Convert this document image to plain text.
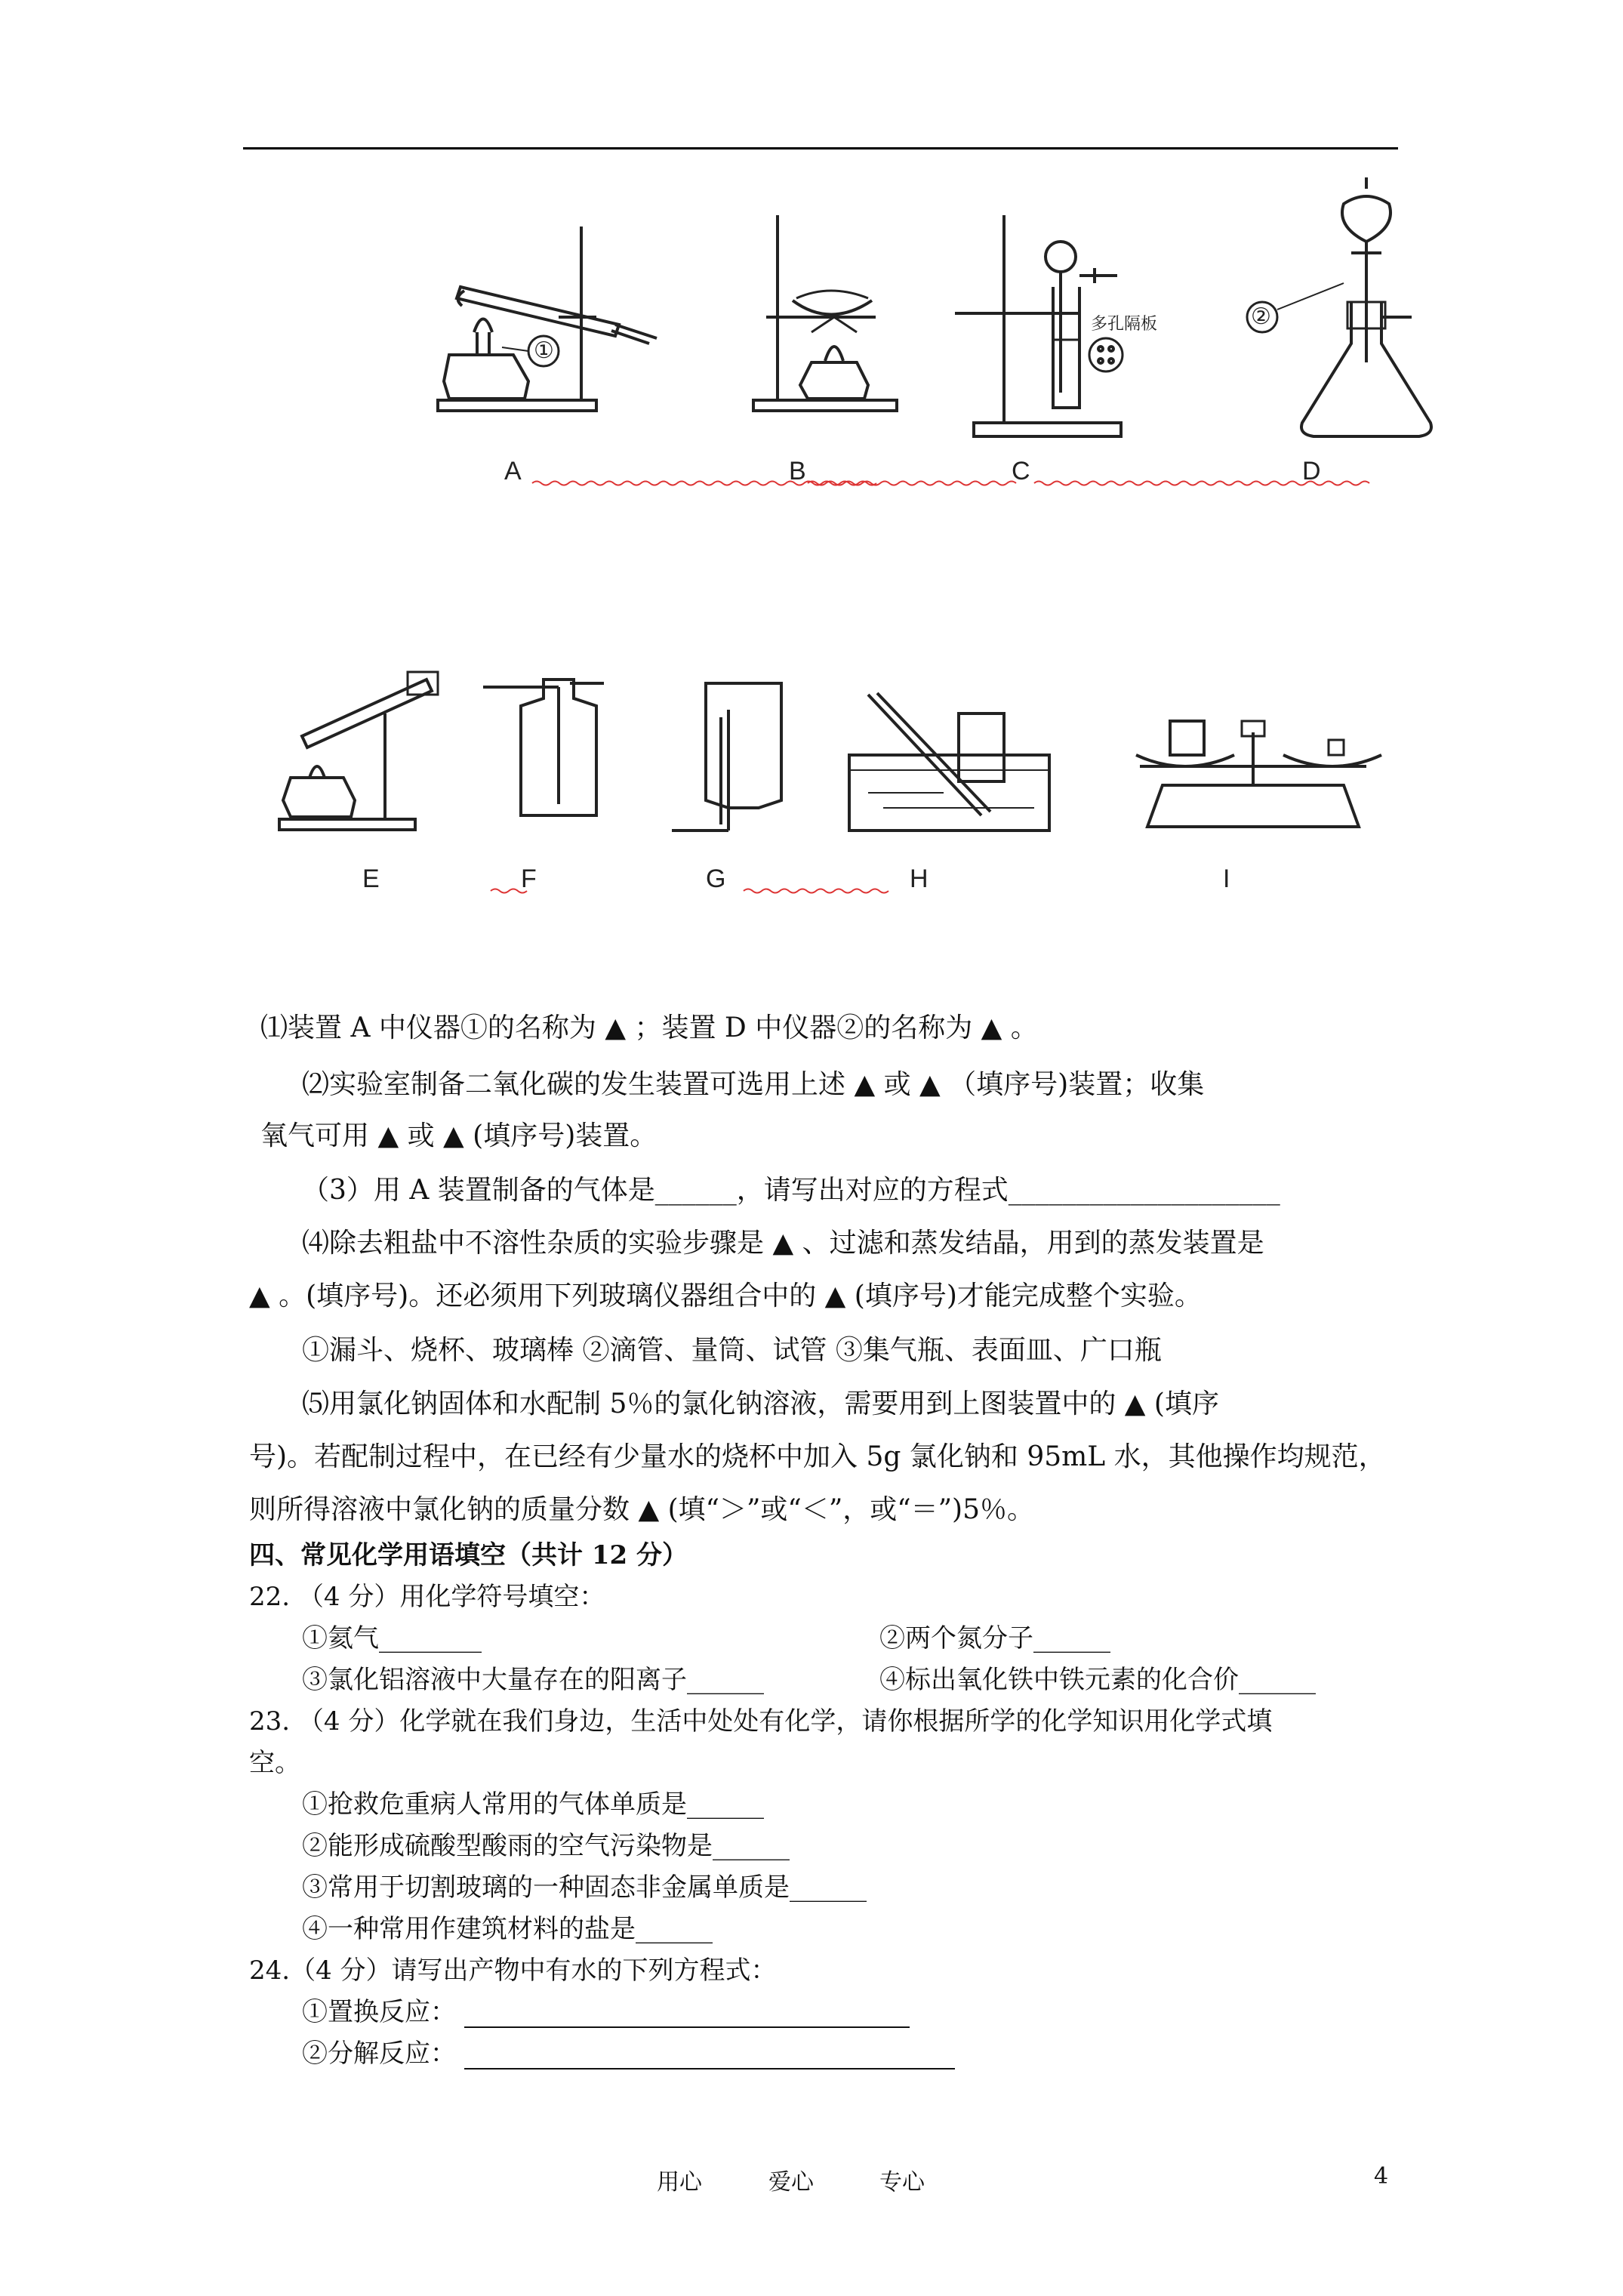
A	B	C	D
E	F	G	H	I
①
②
多孔隔板
⑴装置 A 中仪器①的名称为 ▲ ；装置 D 中仪器②的名称为 ▲ 。
⑵实验室制备二氧化碳的发生装置可选用上述 ▲ 或 ▲ （填序号)装置；收集
氧气可用 ▲ 或 ▲ (填序号)装置。
（3）用 A 装置制备的气体是______，请写出对应的方程式____________________
⑷除去粗盐中不溶性杂质的实验步骤是 ▲ 、过滤和蒸发结晶，用到的蒸发装置是
▲ 。(填序号)。还必须用下列玻璃仪器组合中的 ▲ (填序号)才能完成整个实验。
①漏斗、烧杯、玻璃棒 ②滴管、量筒、试管 ③集气瓶、表面皿、广口瓶
⑸用氯化钠固体和水配制 5％的氯化钠溶液，需要用到上图装置中的 ▲ (填序
号)。若配制过程中，在已经有少量水的烧杯中加入 5g 氯化钠和 95mL 水，其他操作均规范，
则所得溶液中氯化钠的质量分数 ▲ (填“＞”或“＜”，或“＝”)5％。
四、常见化学用语填空（共计 12 分）
22. （4 分）用化学符号填空：
①氦气________	②两个氮分子______
③氯化铝溶液中大量存在的阳离子______	④标出氧化铁中铁元素的化合价______
23. （4 分）化学就在我们身边，生活中处处有化学，请你根据所学的化学知识用化学式填
空。
①抢救危重病人常用的气体单质是______
②能形成硫酸型酸雨的空气污染物是______
③常用于切割玻璃的一种固态非金属单质是______
④一种常用作建筑材料的盐是______
24.（4 分）请写出产物中有水的下列方程式：
①置换反应：
②分解反应：
用心	爱心	专心	4
